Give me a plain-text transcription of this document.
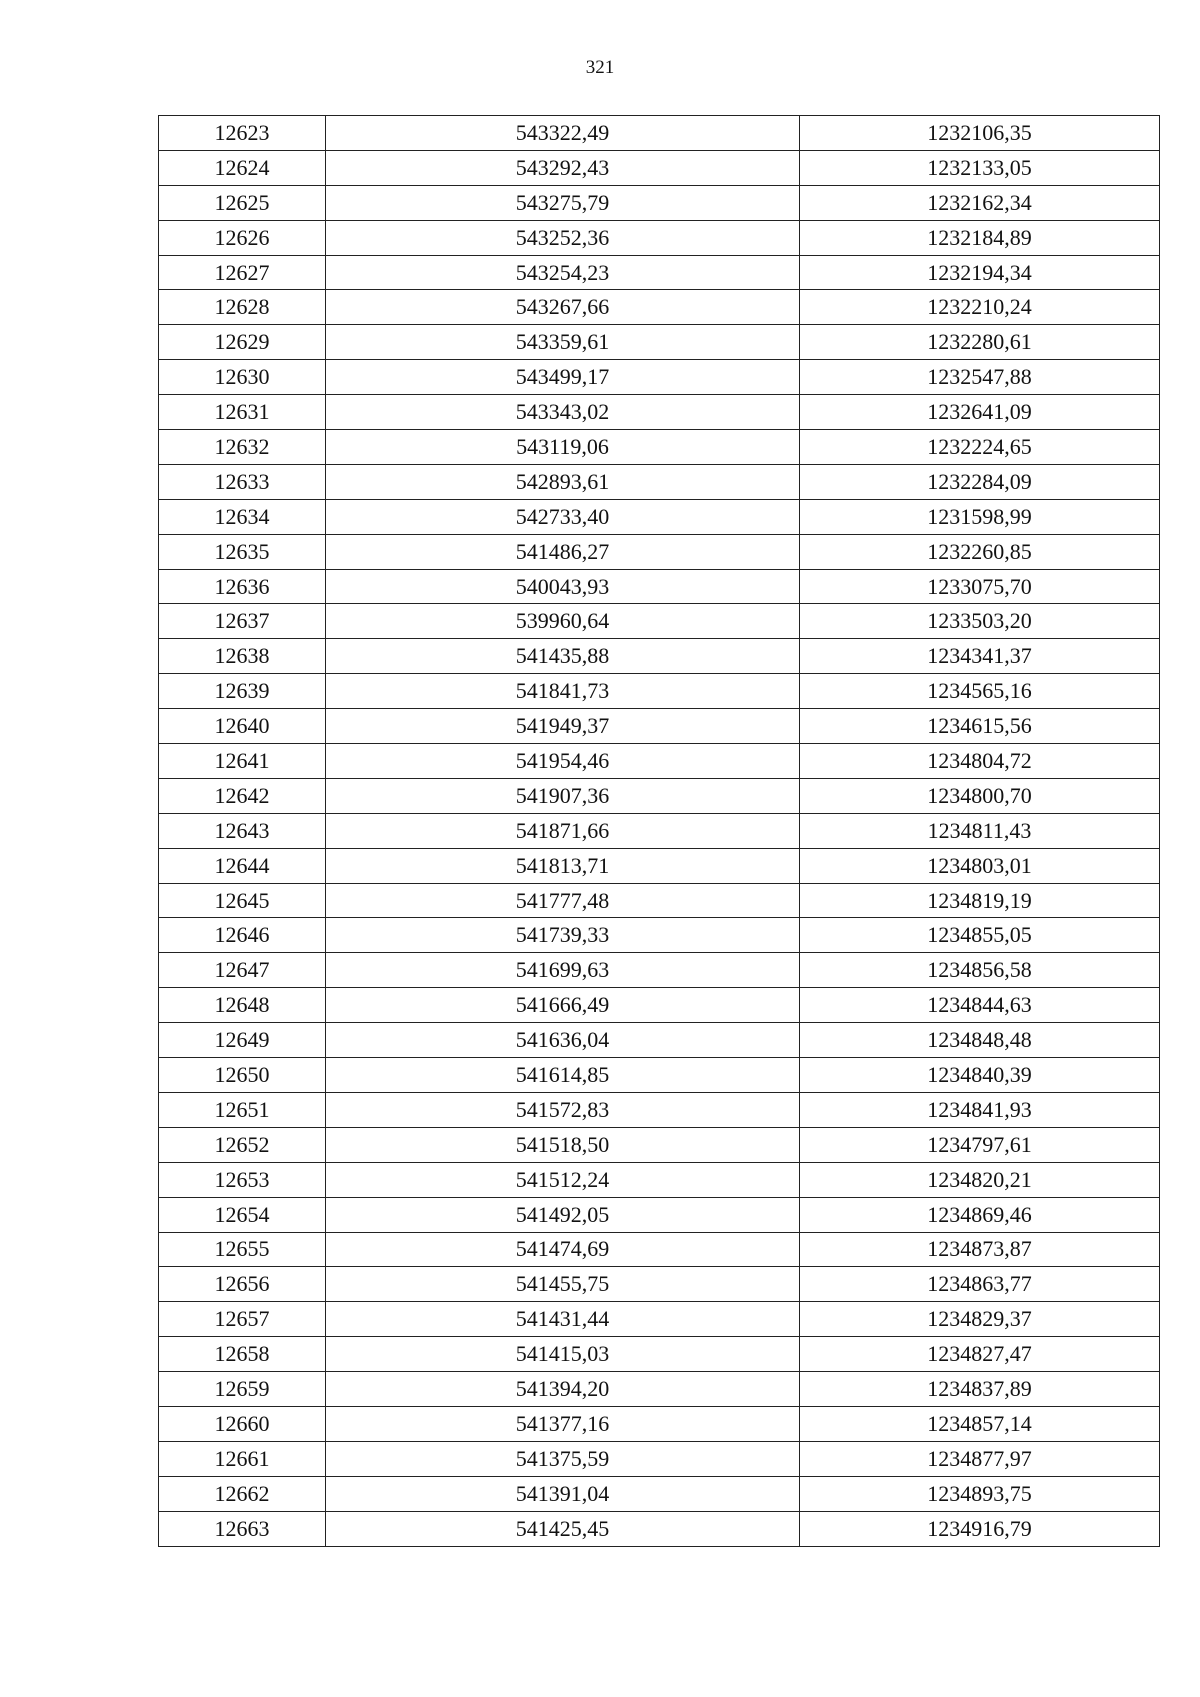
321
12623	543322,49	1232106,35
12624	543292,43	1232133,05
12625	543275,79	1232162,34
12626	543252,36	1232184,89
12627	543254,23	1232194,34
12628	543267,66	1232210,24
12629	543359,61	1232280,61
12630	543499,17	1232547,88
12631	543343,02	1232641,09
12632	543119,06	1232224,65
12633	542893,61	1232284,09
12634	542733,40	1231598,99
12635	541486,27	1232260,85
12636	540043,93	1233075,70
12637	539960,64	1233503,20
12638	541435,88	1234341,37
12639	541841,73	1234565,16
12640	541949,37	1234615,56
12641	541954,46	1234804,72
12642	541907,36	1234800,70
12643	541871,66	1234811,43
12644	541813,71	1234803,01
12645	541777,48	1234819,19
12646	541739,33	1234855,05
12647	541699,63	1234856,58
12648	541666,49	1234844,63
12649	541636,04	1234848,48
12650	541614,85	1234840,39
12651	541572,83	1234841,93
12652	541518,50	1234797,61
12653	541512,24	1234820,21
12654	541492,05	1234869,46
12655	541474,69	1234873,87
12656	541455,75	1234863,77
12657	541431,44	1234829,37
12658	541415,03	1234827,47
12659	541394,20	1234837,89
12660	541377,16	1234857,14
12661	541375,59	1234877,97
12662	541391,04	1234893,75
12663	541425,45	1234916,79
